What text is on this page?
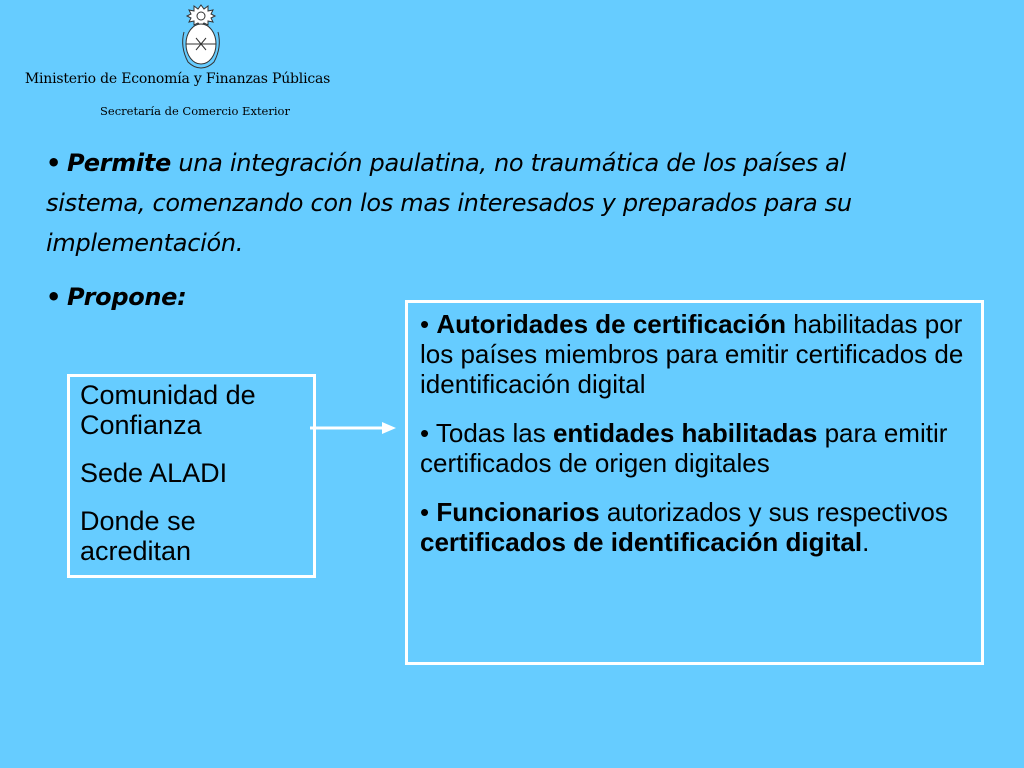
Ministerio de Economía y Finanzas Públicas
Secretaría de Comercio Exterior
• Permite una integración paulatina, no traumática de los países al sistema, comenzando con los mas interesados y preparados para su implementación.
• Propone:
Comunidad de Confianza
Sede ALADI
Donde se acreditan
• Autoridades de certificación habilitadas por los países miembros para emitir certificados de identificación digital
• Todas las entidades habilitadas para emitir certificados de origen digitales
• Funcionarios autorizados y sus respectivos certificados de identificación digital.
